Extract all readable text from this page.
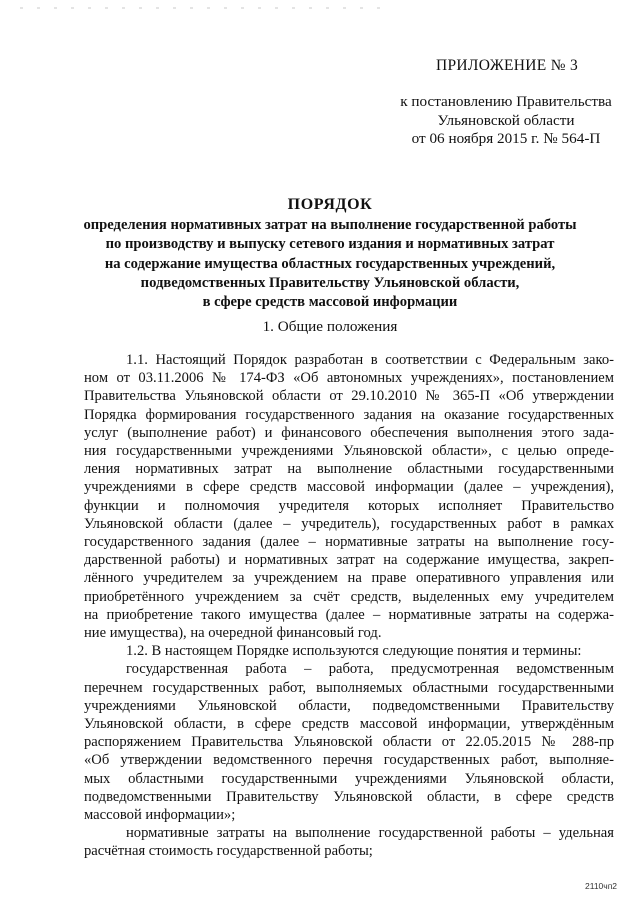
ПРИЛОЖЕНИЕ № 3
к постановлению Правительства
Ульяновской области
от 06 ноября 2015 г. № 564-П
ПОРЯДОК
определения нормативных затрат на выполнение государственной работы
по производству и выпуску сетевого издания и нормативных затрат
на содержание имущества областных государственных учреждений,
подведомственных Правительству Ульяновской области,
в сфере средств массовой информации
1. Общие положения
1.1. Настоящий Порядок разработан в соответствии с Федеральным зако-
ном от 03.11.2006 № 174-ФЗ «Об автономных учреждениях», постановлением
Правительства Ульяновской области от 29.10.2010 № 365-П «Об утверждении
Порядка формирования государственного задания на оказание государственных
услуг (выполнение работ) и финансового обеспечения выполнения этого зада-
ния государственными учреждениями Ульяновской области», с целью опреде-
ления нормативных затрат на выполнение областными государственными
учреждениями в сфере средств массовой информации (далее – учреждения),
функции и полномочия учредителя которых исполняет Правительство
Ульяновской области (далее – учредитель), государственных работ в рамках
государственного задания (далее – нормативные затраты на выполнение госу-
дарственной работы) и нормативных затрат на содержание имущества, закреп-
лённого учредителем за учреждением на праве оперативного управления или
приобретённого учреждением за счёт средств, выделенных ему учредителем
на приобретение такого имущества (далее – нормативные затраты на содержа-
ние имущества), на очередной финансовый год.
1.2. В настоящем Порядке используются следующие понятия и термины:
государственная работа – работа, предусмотренная ведомственным
перечнем государственных работ, выполняемых областными государственными
учреждениями Ульяновской области, подведомственными Правительству
Ульяновской области, в сфере средств массовой информации, утверждённым
распоряжением Правительства Ульяновской области от 22.05.2015 № 288-пр
«Об утверждении ведомственного перечня государственных работ, выполняе-
мых областными государственными учреждениями Ульяновской области,
подведомственными Правительству Ульяновской области, в сфере средств
массовой информации»;
нормативные затраты на выполнение государственной работы – удельная
расчётная стоимость государственной работы;
2110чп2
